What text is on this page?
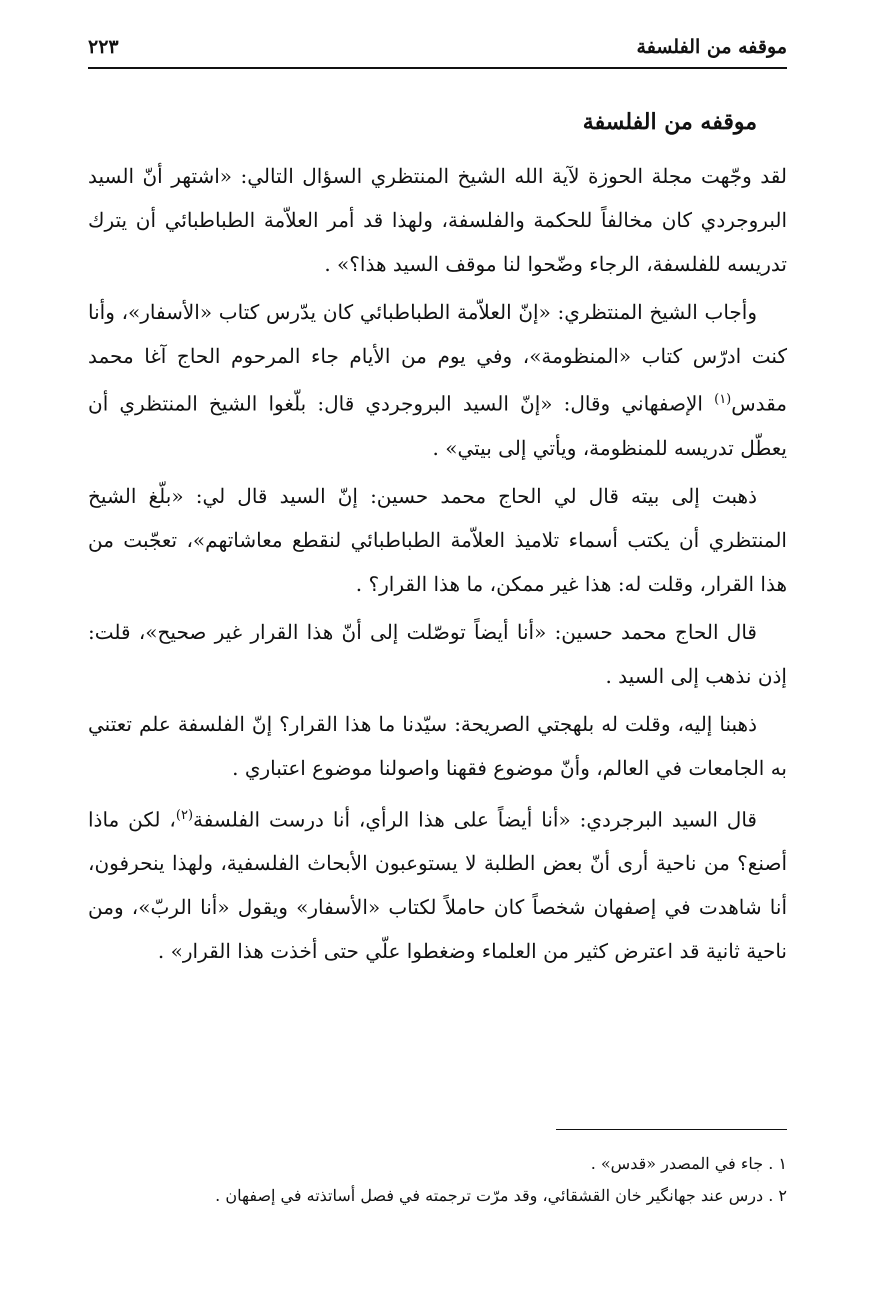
موقفه من الفلسفة
٢٢٣
موقفه من الفلسفة

لقد وجّهت مجلة الحوزة لآية الله الشيخ المنتظري السؤال التالي: «اشتهر أنّ السيد البروجردي كان مخالفاً للحكمة والفلسفة، ولهذا قد أمر العلاّمة الطباطبائي أن يترك تدريسه للفلسفة، الرجاء وضّحوا لنا موقف السيد هذا؟» .

وأجاب الشيخ المنتظري: «إنّ العلاّمة الطباطبائي كان يدّرس كتاب «الأسفار»، وأنا كنت ادرّس كتاب «المنظومة»، وفي يوم من الأيام جاء المرحوم الحاج آغا محمد مقدس$^{(١)}$ الإصفهاني وقال: «إنّ السيد البروجردي قال: بلّغوا الشيخ المنتظري أن يعطّل تدريسه للمنظومة، ويأتي إلى بيتي» .

ذهبت إلى بيته قال لي الحاج محمد حسين: إنّ السيد قال لي: «بلّغ الشيخ المنتظري أن يكتب أسماء تلاميذ العلاّمة الطباطبائي لنقطع معاشاتهم»، تعجّبت من هذا القرار، وقلت له: هذا غير ممكن، ما هذا القرار؟ .

قال الحاج محمد حسين: «أنا أيضاً توصّلت إلى أنّ هذا القرار غير صحيح»، قلت: إذن نذهب إلى السيد .

ذهبنا إليه، وقلت له بلهجتي الصريحة: سيّدنا ما هذا القرار؟ إنّ الفلسفة علم تعتني به الجامعات في العالم، وأنّ موضوع فقهنا واصولنا موضوع اعتباري .

قال السيد البرجردي: «أنا أيضاً على هذا الرأي، أنا درست الفلسفة$^{(٢)}$، لكن ماذا أصنع؟ من ناحية أرى أنّ بعض الطلبة لا يستوعبون الأبحاث الفلسفية، ولهذا ينحرفون، أنا شاهدت في إصفهان شخصاً كان حاملاً لكتاب «الأسفار» ويقول «أنا الربّ»، ومن ناحية ثانية قد اعترض كثير من العلماء وضغطوا علّي حتى أخذت هذا القرار» .

١ . جاء في المصدر «قدس» .

٢ . درس عند جهانگير خان القشقائي، وقد مرّت ترجمته في فصل أساتذته في إصفهان .
